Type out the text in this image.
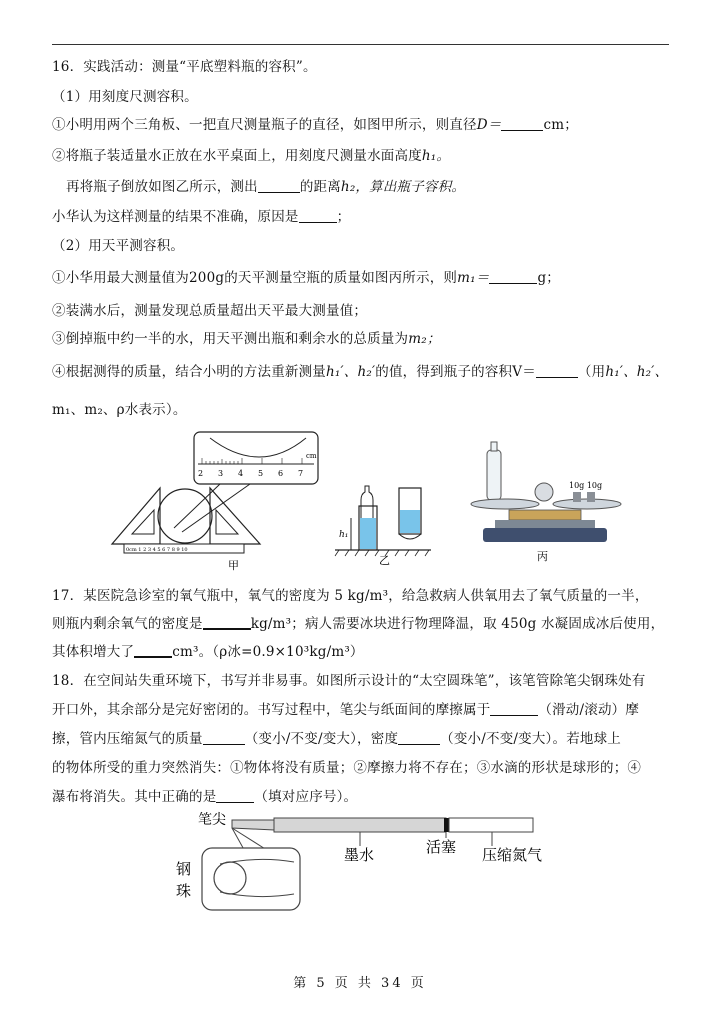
16．实践活动：测量“平底塑料瓶的容积”。
（1）用刻度尺测容积。
①小明用两个三角板、一把直尺测量瓶子的直径，如图甲所示，则直径D＝	cm；
②将瓶子装适量水正放在水平桌面上，用刻度尺测量水面高度h₁。
再将瓶子倒放如图乙所示，测出	的距离h₂，算出瓶子容积。
小华认为这样测量的结果不准确，原因是	；
（2）用天平测容积。
①小华用最大测量值为200g的天平测量空瓶的质量如图丙所示，则m₁＝	g；
②装满水后，测量发现总质量超出天平最大测量值；
③倒掉瓶中约一半的水，用天平测出瓶和剩余水的总质量为m₂；
④根据测得的质量，结合小明的方法重新测量h₁′、h₂′的值，得到瓶子的容积V＝	（用h₁′、h₂′、
m₁、m₂、ρ水表示）。
2 3 4 5 6 7
cm
0cm 1 2 3 4 5 6 7 8 9 10
甲
h₁
乙
10g 10g
丙
17．某医院急诊室的氧气瓶中，氧气的密度为 5 kg/m³，给急救病人供氧用去了氧气质量的一半，
则瓶内剩余氧气的密度是	kg/m³；病人需要冰块进行物理降温，取 450g 水凝固成冰后使用，
其体积增大了	cm³。（ρ冰=0.9×10³kg/m³）
18．在空间站失重环境下，书写并非易事。如图所示设计的“太空圆珠笔”，该笔管除笔尖钢珠处有
开口外，其余部分是完好密闭的。书写过程中，笔尖与纸面间的摩擦属于	（滑动/滚动）摩
擦，管内压缩氮气的质量	（变小/不变/变大），密度	（变小/不变/变大）。若地球上
的物体所受的重力突然消失：①物体将没有质量；②摩擦力将不存在；③水滴的形状是球形的；④
瀑布将消失。其中正确的是	（填对应序号）。
笔尖
墨水	活塞 压缩氮气
钢
珠
第 5 页 共 34 页
